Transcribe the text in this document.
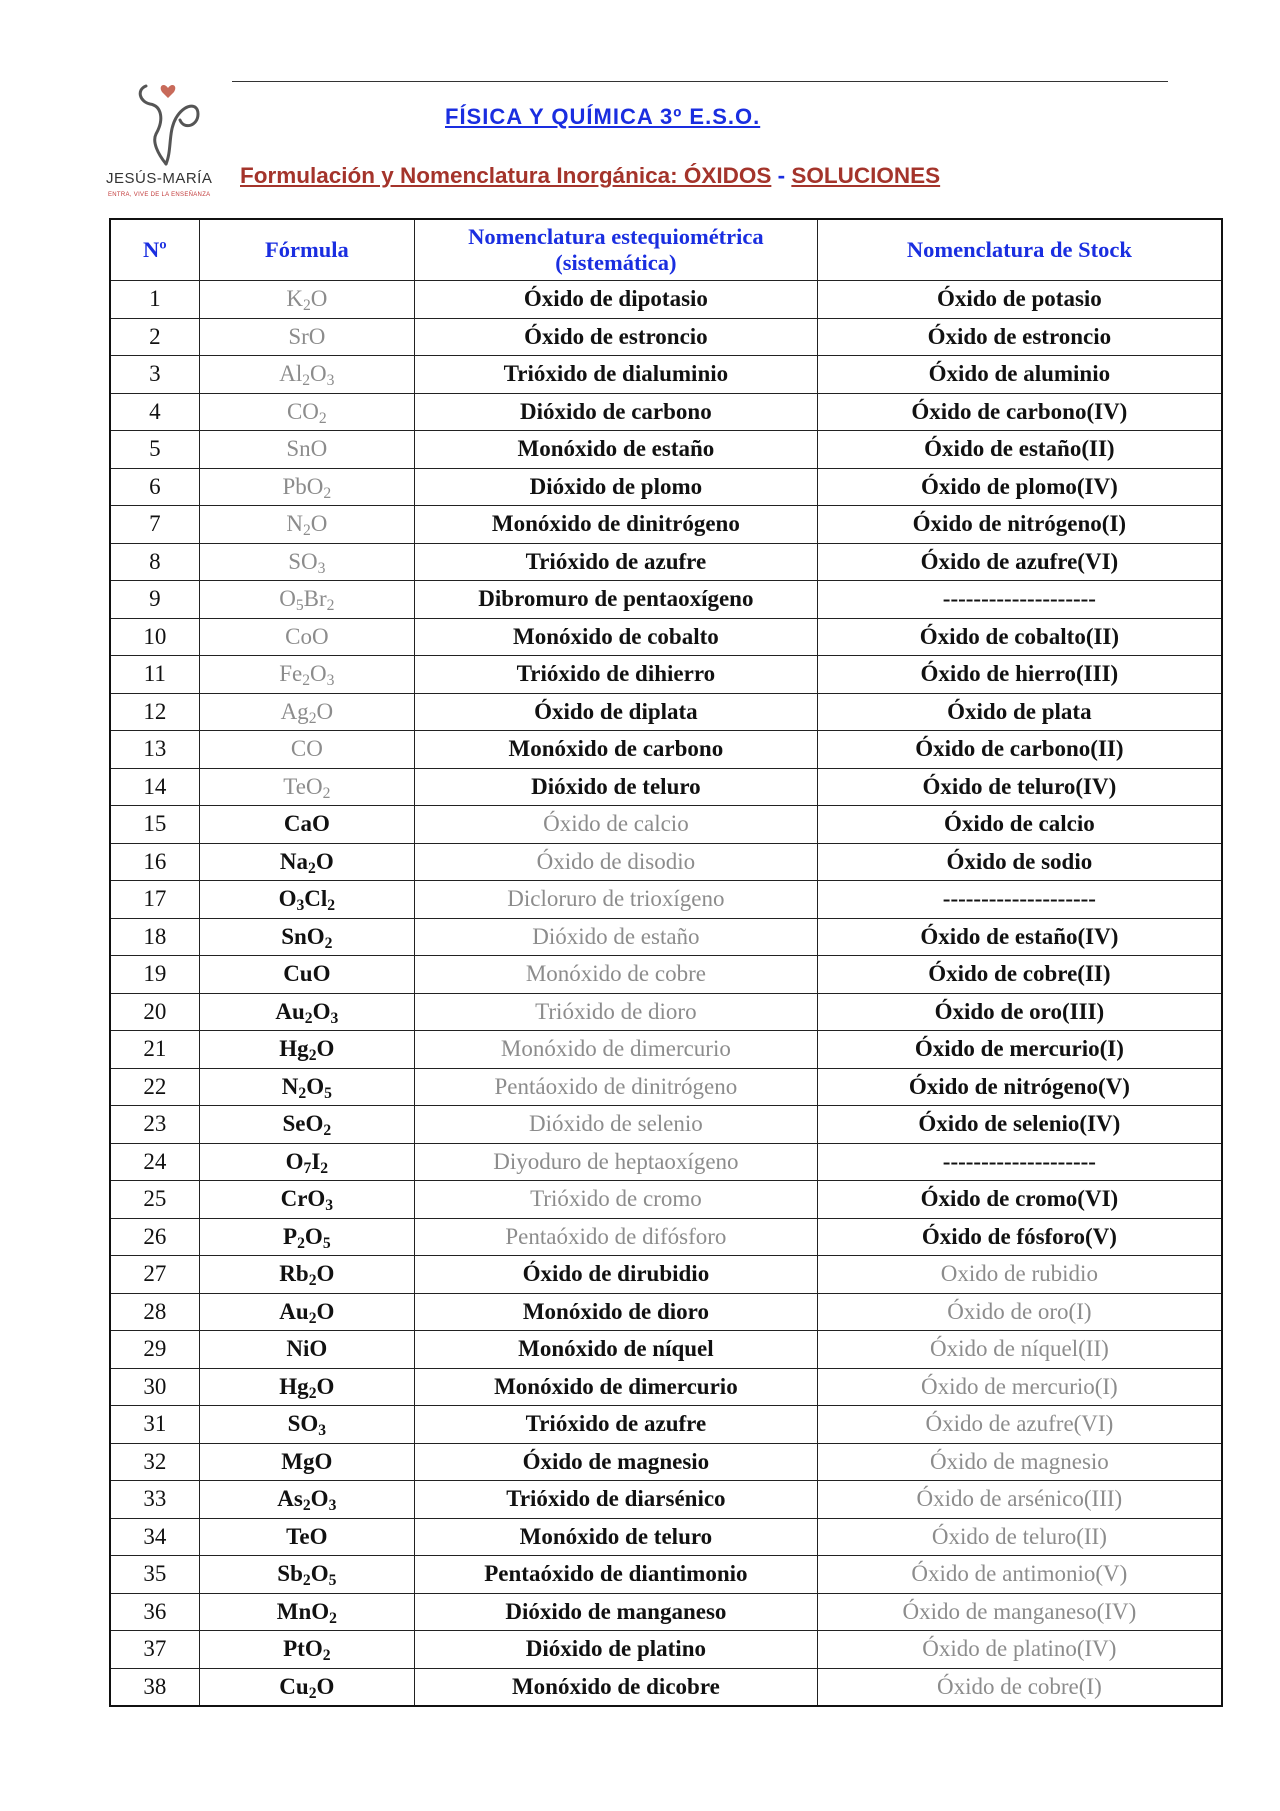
JESÚS-MARÍA
ENTRA, VIVE DE LA ENSEÑANZA
FÍSICA Y QUÍMICA 3º E.S.O.
Formulación y Nomenclatura Inorgánica: ÓXIDOS - SOLUCIONES
Nº	Fórmula	Nomenclatura estequiométrica (sistemática)	Nomenclatura de Stock
1	$K_2O$	Óxido de dipotasio	Óxido de potasio
2	SrO	Óxido de estroncio	Óxido de estroncio
3	$Al_2O_3$	Trióxido de dialuminio	Óxido de aluminio
4	$CO_2$	Dióxido de carbono	Óxido de carbono(IV)
5	SnO	Monóxido de estaño	Óxido de estaño(II)
6	PbO$_2$	Dióxido de plomo	Óxido de plomo(IV)
7	$N_2O$	Monóxido de dinitrógeno	Óxido de nitrógeno(I)
8	$SO_3$	Trióxido de azufre	Óxido de azufre(VI)
9	$O_5Br_2$	Dibromuro de pentaoxígeno	--------------------
10	CoO	Monóxido de cobalto	Óxido de cobalto(II)
11	$Fe_2O_3$	Trióxido de dihierro	Óxido de hierro(III)
12	$Ag_2O$	Óxido de diplata	Óxido de plata
13	CO	Monóxido de carbono	Óxido de carbono(II)
14	TeO$_2$	Dióxido de teluro	Óxido de teluro(IV)
15	CaO	Óxido de calcio	Óxido de calcio
16	$Na_2O$	Óxido de disodio	Óxido de sodio
17	$O_3Cl_2$	Dicloruro de trioxígeno	--------------------
18	SnO$_2$	Dióxido de estaño	Óxido de estaño(IV)
19	CuO	Monóxido de cobre	Óxido de cobre(II)
20	$Au_2O_3$	Trióxido de dioro	Óxido de oro(III)
21	$Hg_2O$	Monóxido de dimercurio	Óxido de mercurio(I)
22	$N_2O_5$	Pentáoxido de dinitrógeno	Óxido de nitrógeno(V)
23	SeO$_2$	Dióxido de selenio	Óxido de selenio(IV)
24	$O_7I_2$	Diyoduro de heptaoxígeno	--------------------
25	CrO$_3$	Trióxido de cromo	Óxido de cromo(VI)
26	$P_2O_5$	Pentaóxido de difósforo	Óxido de fósforo(V)
27	$Rb_2O$	Óxido de dirubidio	Oxido de rubidio
28	$Au_2O$	Monóxido de dioro	Óxido de oro(I)
29	NiO	Monóxido de níquel	Óxido de níquel(II)
30	$Hg_2O$	Monóxido de dimercurio	Óxido de mercurio(I)
31	$SO_3$	Trióxido de azufre	Óxido de azufre(VI)
32	MgO	Óxido de magnesio	Óxido de magnesio
33	$As_2O_3$	Trióxido de diarsénico	Óxido de arsénico(III)
34	TeO	Monóxido de teluro	Óxido de teluro(II)
35	$Sb_2O_5$	Pentaóxido de diantimonio	Óxido de antimonio(V)
36	MnO$_2$	Dióxido de manganeso	Óxido de manganeso(IV)
37	PtO$_2$	Dióxido de platino	Óxido de platino(IV)
38	$Cu_2O$	Monóxido de dicobre	Óxido de cobre(I)
